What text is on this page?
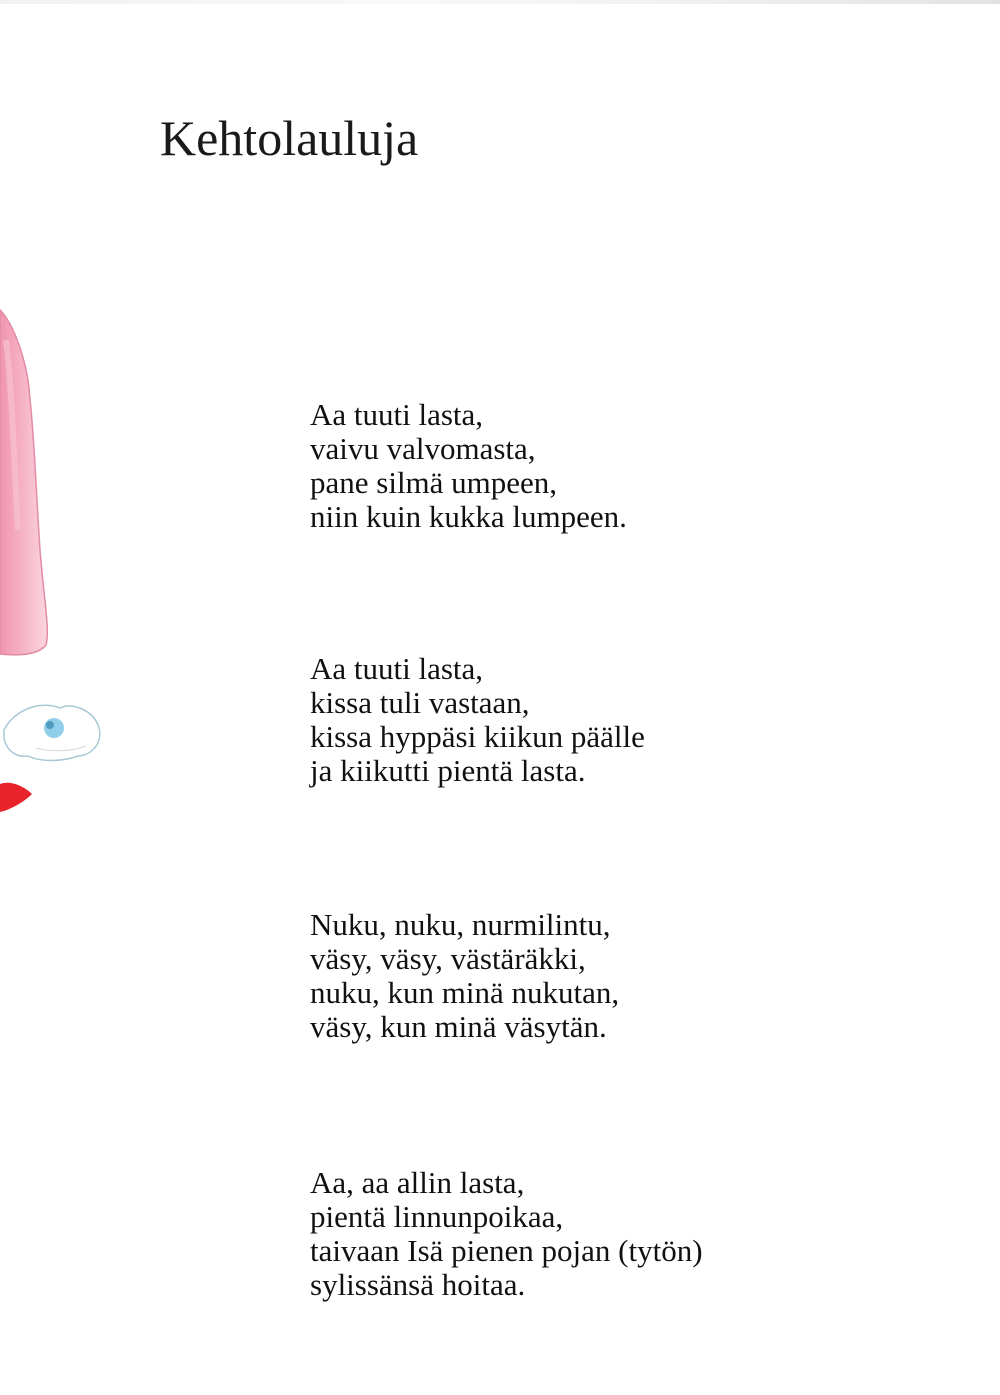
Kehtolauluja
Aa tuuti lasta,
vaivu valvomasta,
pane silmä umpeen,
niin kuin kukka lumpeen.
Aa tuuti lasta,
kissa tuli vastaan,
kissa hyppäsi kiikun päälle
ja kiikutti pientä lasta.
Nuku, nuku, nurmilintu,
väsy, väsy, västäräkki,
nuku, kun minä nukutan,
väsy, kun minä väsytän.
Aa, aa allin lasta,
pientä linnunpoikaa,
taivaan Isä pienen pojan (tytön)
sylissänsä hoitaa.
